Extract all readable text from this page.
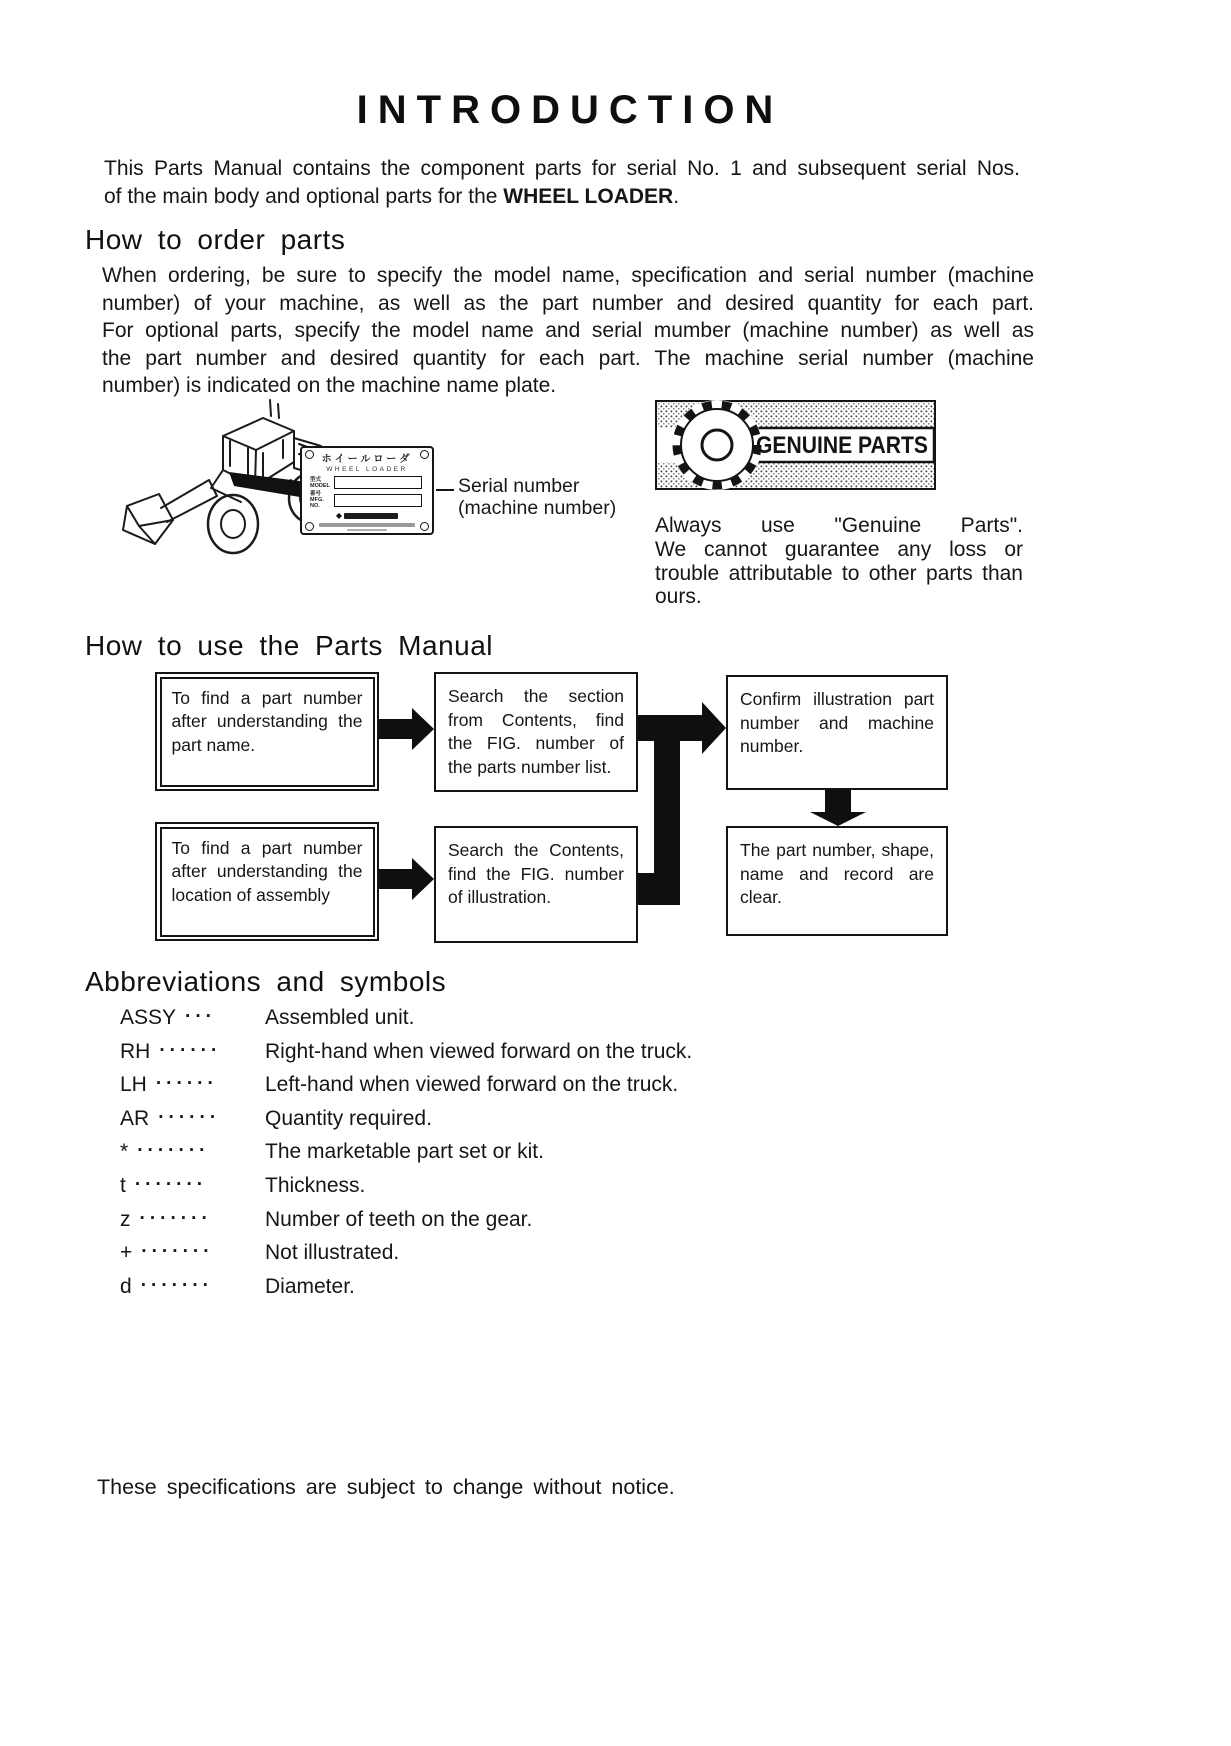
INTRODUCTION
This Parts Manual contains the component parts for serial No. 1 and subsequent serial Nos.
of the main body and optional parts for the WHEEL LOADER.
How to order parts
When ordering, be sure to specify the model name, specification and serial number (machine
number) of your machine, as well as the part number and desired quantity for each part.
For optional parts, specify the model name and serial mumber (machine number) as well as
the part number and desired quantity for each part. The machine serial number (machine
number) is indicated on the machine name plate.
ホイールローダ
WHEEL LOADER
型式 MODEL
番号 MFG. NO.
◆
Serial number
(machine number)
GENUINE PARTS
Always use "Genuine Parts".
We cannot guarantee any loss or
trouble attributable to other parts than
ours.
How to use the Parts Manual
To find a part number after understanding the part name.
To find a part number after understanding the location of assembly
Search the section from Contents, find the FIG. number of the parts number list.
Search the Contents, find the FIG. number of illustration.
Confirm illustration part number and machine number.
The part number, shape, name and record are clear.
Abbreviations and symbols
ASSY ··· Assembled unit.
RH ······ Right-hand when viewed forward on the truck.
LH ······ Left-hand when viewed forward on the truck.
AR ······ Quantity required.
* ·······	The marketable part set or kit.
t ·······	Thickness.
z ·······	Number of teeth on the gear.
+ ······· Not illustrated.
d ······· Diameter.
These specifications are subject to change without notice.
